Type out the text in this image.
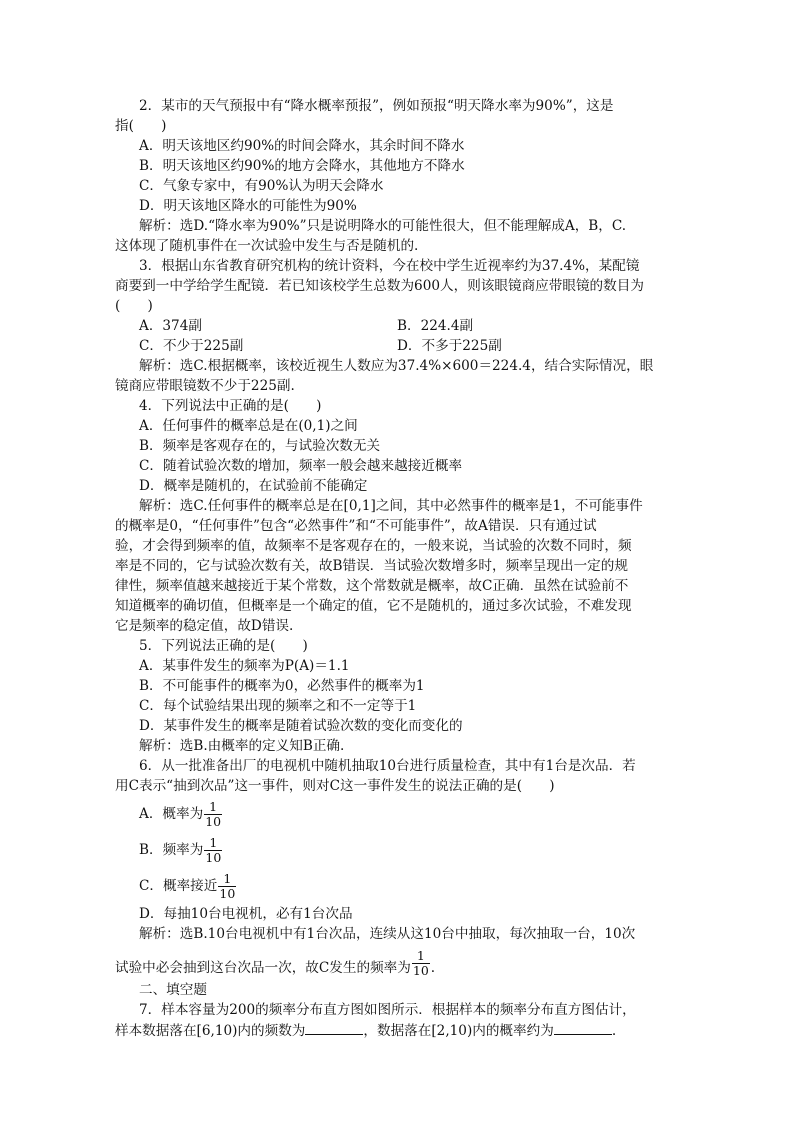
2．某市的天气预报中有“降水概率预报”，例如预报“明天降水率为90%”，这是

指(　　)

A．明天该地区约90%的时间会降水，其余时间不降水

B．明天该地区约90%的地方会降水，其他地方不降水

C．气象专家中，有90%认为明天会降水

D．明天该地区降水的可能性为90%

解析：选D.“降水率为90%”只是说明降水的可能性很大，但不能理解成A，B，C.

这体现了随机事件在一次试验中发生与否是随机的.

3．根据山东省教育研究机构的统计资料，今在校中学生近视率约为37.4%，某配镜

商要到一中学给学生配镜．若已知该校学生总数为600人，则该眼镜商应带眼镜的数目为

(　　)

A．374副	B．224.4副
C．不少于225副	D．不多于225副

解析：选C.根据概率，该校近视生人数应为37.4%×600＝224.4，结合实际情况，眼

镜商应带眼镜数不少于225副.

4．下列说法中正确的是(　　)

A．任何事件的概率总是在(0,1)之间

B．频率是客观存在的，与试验次数无关

C．随着试验次数的增加，频率一般会越来越接近概率

D．概率是随机的，在试验前不能确定

解析：选C.任何事件的概率总是在[0,1]之间，其中必然事件的概率是1，不可能事件

的概率是0，“任何事件”包含“必然事件”和“不可能事件”，故A错误．只有通过试

验，才会得到频率的值，故频率不是客观存在的，一般来说，当试验的次数不同时，频

率是不同的，它与试验次数有关，故B错误．当试验次数增多时，频率呈现出一定的规

律性，频率值越来越接近于某个常数，这个常数就是概率，故C正确．虽然在试验前不

知道概率的确切值，但概率是一个确定的值，它不是随机的，通过多次试验，不难发现

它是频率的稳定值，故D错误.

5．下列说法正确的是(　　)

A．某事件发生的频率为P(A)＝1.1

B．不可能事件的概率为0，必然事件的概率为1

C．每个试验结果出现的频率之和不一定等于1

D．某事件发生的概率是随着试验次数的变化而变化的

解析：选B.由概率的定义知B正确.

6．从一批准备出厂的电视机中随机抽取10台进行质量检查，其中有1台是次品．若

用C表示“抽到次品”这一事件，则对C这一事件发生的说法正确的是(　　)

A．概率为 $\frac{1}{10}$
B．频率为 $\frac{1}{10}$
C．概率接近 $\frac{1}{10}$

D．每抽10台电视机，必有1台次品

解析：选B.10台电视机中有1台次品，连续从这10台中抽取，每次抽取一台，10次

试验中必会抽到这台次品一次，故C发生的频率为 $\frac{1}{10}$ .

二、填空题

7．样本容量为200的频率分布直方图如图所示．根据样本的频率分布直方图估计，

样本数据落在[6,10)内的频数为	，数据落在[2,10)内的概率约为	.
